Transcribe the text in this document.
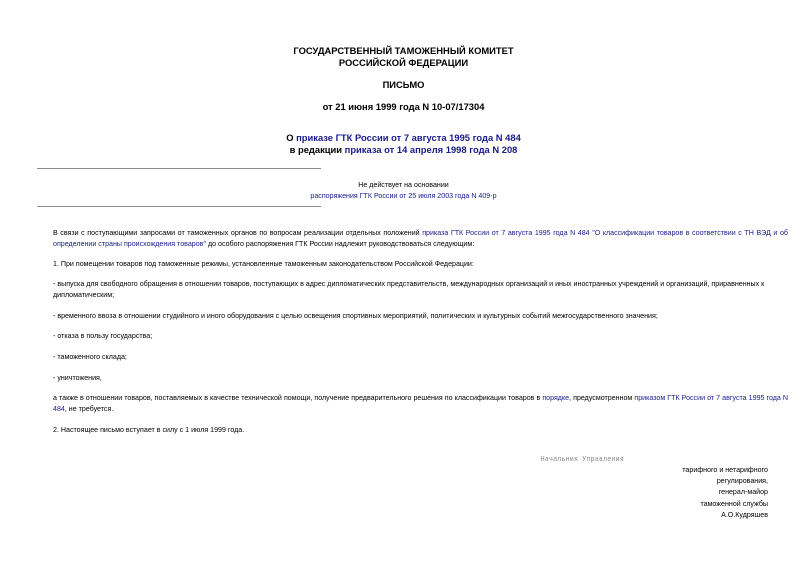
ГОСУДАРСТВЕННЫЙ ТАМОЖЕННЫЙ КОМИТЕТ
РОССИЙСКОЙ ФЕДЕРАЦИИ
ПИСЬМО
от 21 июня 1999 года N 10-07/17304
О приказе ГТК России от 7 августа 1995 года N 484
в редакции приказа от 14 апреля 1998 года N 208
Не действует на основании
распоряжения ГТК России от 25 июля 2003 года N 409-р
В связи с поступающими запросами от таможенных органов по вопросам реализации отдельных положений приказа ГТК России от 7 августа 1995 года N 484 "О классификации товаров в соответствии с ТН ВЭД и об определении страны происхождения товаров" до особого распоряжения ГТК России надлежит руководствоваться следующим:
1. При помещении товаров под таможенные режимы, установленные таможенным законодательством Российской Федерации:
- выпуска для свободного обращения в отношении товаров, поступающих в адрес дипломатических представительств, международных организаций и иных иностранных учреждений и организаций, приравненных к дипломатическим;
- временного ввоза в отношении студийного и иного оборудования с целью освещения спортивных мероприятий, политических и культурных событий межгосударственного значения;
- отказа в пользу государства;
- таможенного склада;
- уничтожения,
а также в отношении товаров, поставляемых в качестве технической помощи, получение предварительного решения по классификации товаров в порядке, предусмотренном приказом ГТК России от 7 августа 1995 года N 484, не требуется.
2. Настоящее письмо вступает в силу с 1 июля 1999 года.
Начальник Управления
тарифного и нетарифного
регулирования,
генерал-майор
таможенной службы
А.О.Кудряшев
